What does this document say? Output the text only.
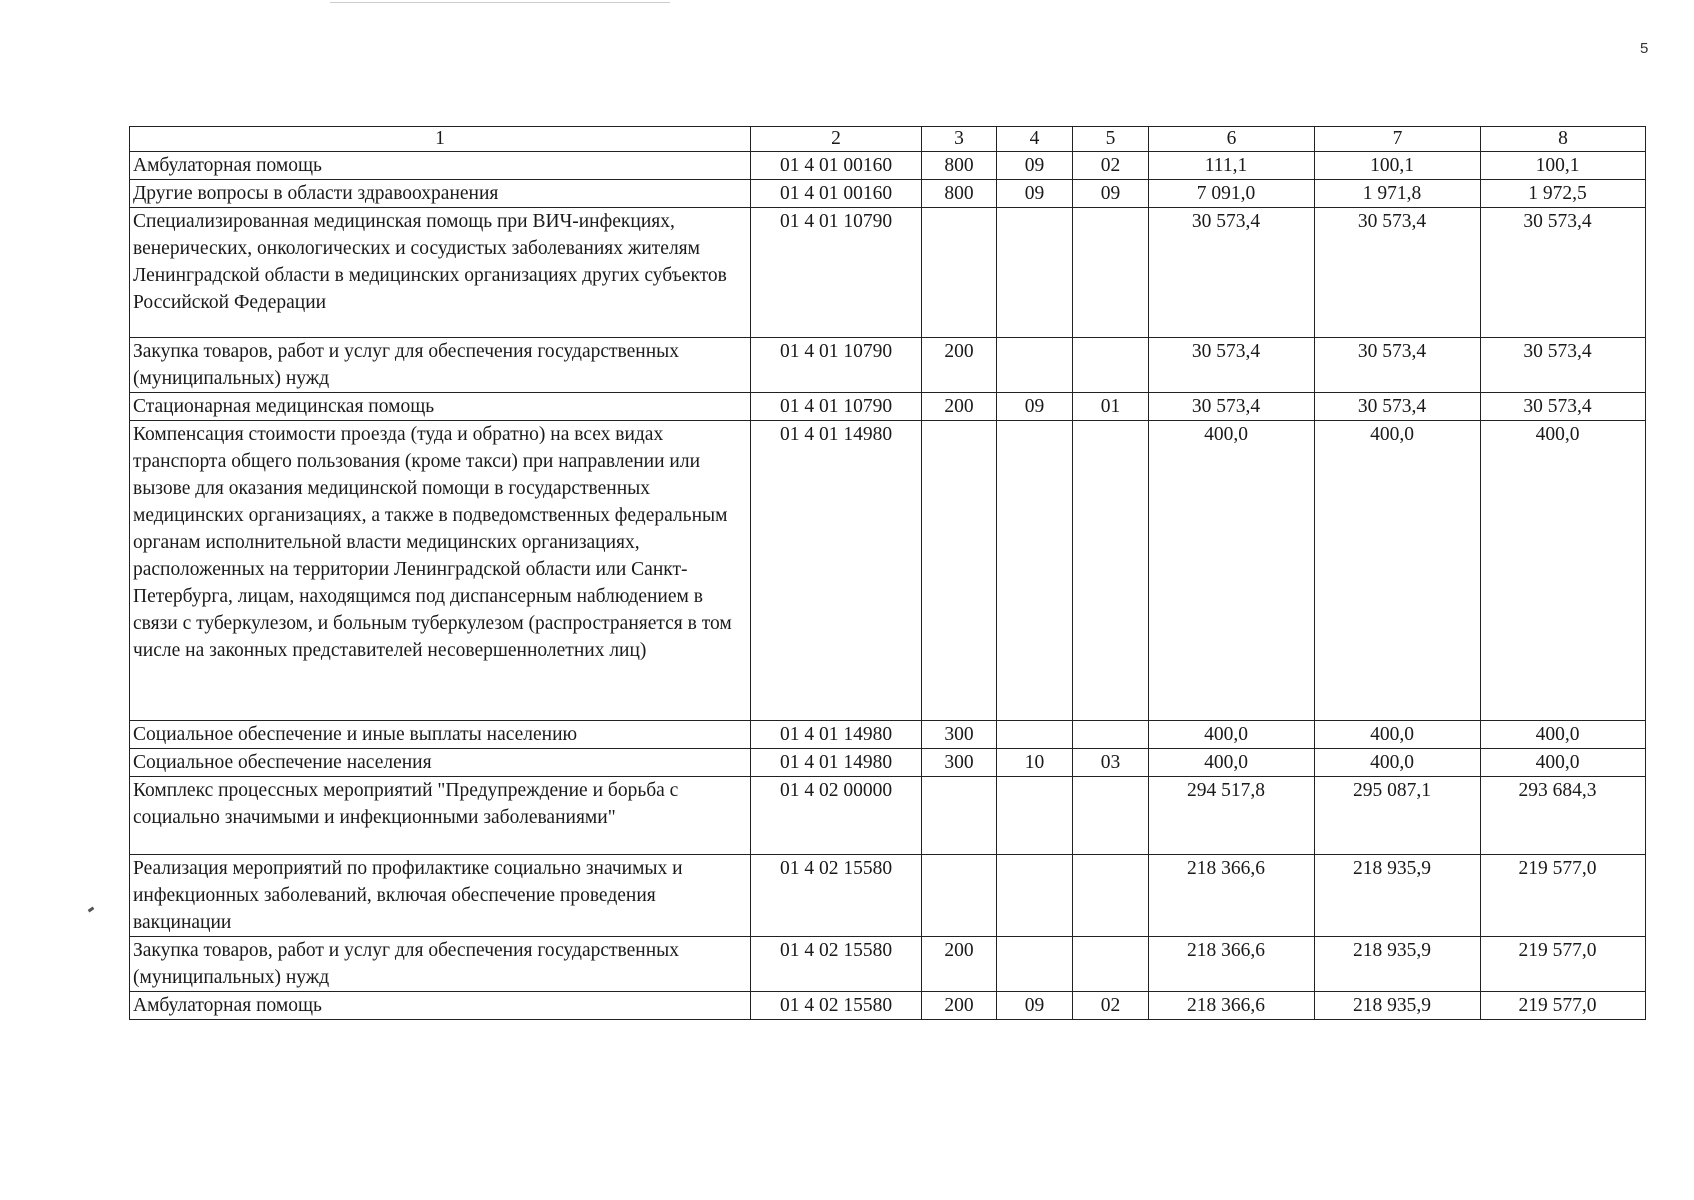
5
1	2	3	4	5	6	7	8
Амбулаторная помощь	01 4 01 00160	800	09	02	111,1	100,1	100,1
Другие вопросы в области здравоохранения	01 4 01 00160	800	09	09	7 091,0	1 971,8	1 972,5
Специализированная медицинская помощь при ВИЧ-инфекциях, венерических, онкологических и сосудистых заболеваниях жителям Ленинградской области в медицинских организациях других субъектов Российской Федерации	01 4 01 10790				30 573,4	30 573,4	30 573,4
Закупка товаров, работ и услуг для обеспечения государственных (муниципальных) нужд	01 4 01 10790	200			30 573,4	30 573,4	30 573,4
Стационарная медицинская помощь	01 4 01 10790	200	09	01	30 573,4	30 573,4	30 573,4
Компенсация стоимости проезда (туда и обратно) на всех видах транспорта общего пользования (кроме такси) при направлении или вызове для оказания медицинской помощи в государственных медицинских организациях, а также в подведомственных федеральным органам исполнительной власти медицинских организациях, расположенных на территории Ленинградской области или Санкт-Петербурга, лицам, находящимся под диспансерным наблюдением в связи с туберкулезом, и больным туберкулезом (распространяется в том числе на законных представителей несовершеннолетних лиц)	01 4 01 14980				400,0	400,0	400,0
Социальное обеспечение и иные выплаты населению	01 4 01 14980	300			400,0	400,0	400,0
Социальное обеспечение населения	01 4 01 14980	300	10	03	400,0	400,0	400,0
Комплекс процессных мероприятий "Предупреждение и борьба с социально значимыми и инфекционными заболеваниями"	01 4 02 00000				294 517,8	295 087,1	293 684,3
Реализация мероприятий по профилактике социально значимых и инфекционных заболеваний, включая обеспечение проведения вакцинации	01 4 02 15580				218 366,6	218 935,9	219 577,0
Закупка товаров, работ и услуг для обеспечения государственных (муниципальных) нужд	01 4 02 15580	200			218 366,6	218 935,9	219 577,0
Амбулаторная помощь	01 4 02 15580	200	09	02	218 366,6	218 935,9	219 577,0
